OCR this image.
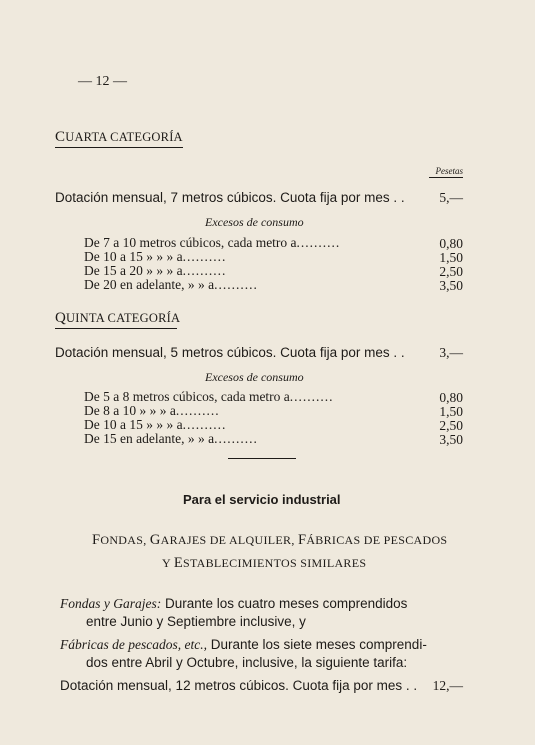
— 12 —
CUARTA CATEGORÍA
Pesetas
Dotación mensual, 7 metros cúbicos. Cuota fija por mes . .	5,—
Excesos de consumo
De 7 a 10 metros cúbicos, cada metro a..........	0,80
De 10 a 15 » » » a..........	1,50
De 15 a 20 » » » a..........	2,50
De 20 en adelante, » » a..........	3,50
QUINTA CATEGORÍA
Dotación mensual, 5 metros cúbicos. Cuota fija por mes . .	3,—
Excesos de consumo
De 5 a 8 metros cúbicos, cada metro a..........	0,80
De 8 a 10 » » » a..........	1,50
De 10 a 15 » » » a..........	2,50
De 15 en adelante, » » a..........	3,50
Para el servicio industrial
FONDAS, GARAJES DE ALQUILER, FÁBRICAS DE PESCADOS
Y ESTABLECIMIENTOS SIMILARES
Fondas y Garajes: Durante los cuatro meses comprendidos
entre Junio y Septiembre inclusive, y
Fábricas de pescados, etc., Durante los siete meses comprendi-
dos entre Abril y Octubre, inclusive, la siguiente tarifa:
Dotación mensual, 12 metros cúbicos. Cuota fija por mes . . 12,—
